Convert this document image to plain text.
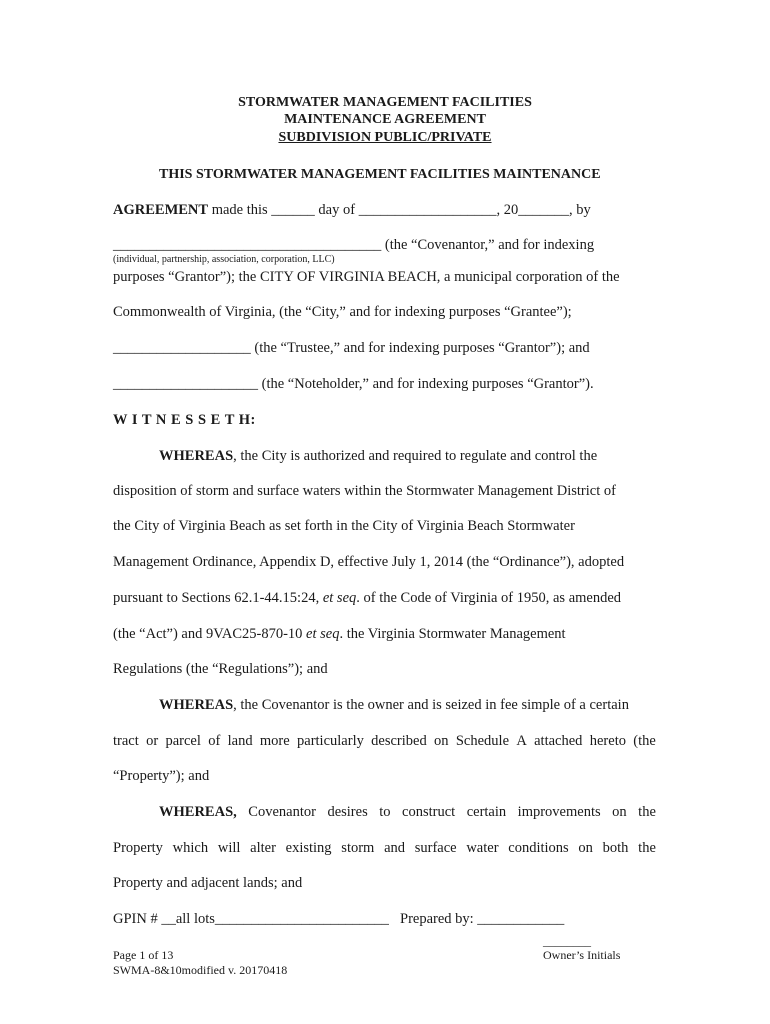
STORMWATER MANAGEMENT FACILITIES
MAINTENANCE AGREEMENT
SUBDIVISION PUBLIC/PRIVATE
THIS STORMWATER MANAGEMENT FACILITIES MAINTENANCE
AGREEMENT made this ______ day of ___________________, 20_______, by
_____________________________________ (the “Covenantor,” and for indexing
(individual, partnership, association, corporation, LLC)
purposes “Grantor”); the CITY OF VIRGINIA BEACH, a municipal corporation of the
Commonwealth of Virginia, (the “City,” and for indexing purposes “Grantee”);
___________________ (the “Trustee,” and for indexing purposes “Grantor”); and
____________________ (the “Noteholder,” and for indexing purposes “Grantor”).
W I T N E S S E T H:
WHEREAS, the City is authorized and required to regulate and control the
disposition of storm and surface waters within the Stormwater Management District of
the City of Virginia Beach as set forth in the City of Virginia Beach Stormwater
Management Ordinance, Appendix D, effective July 1, 2014 (the “Ordinance”), adopted
pursuant to Sections 62.1-44.15:24, et seq. of the Code of Virginia of 1950, as amended
(the “Act”) and 9VAC25-870-10 et seq. the Virginia Stormwater Management
Regulations (the “Regulations”); and
WHEREAS, the Covenantor is the owner and is seized in fee simple of a certain
tract or parcel of land more particularly described on Schedule A attached hereto (the
“Property”); and
WHEREAS, Covenantor desires to construct certain improvements on the
Property which will alter existing storm and surface water conditions on both the
Property and adjacent lands; and
GPIN # __all lots________________________ Prepared by: ____________
Page 1 of 13
SWMA-8&10modified v. 20170418
________
Owner’s Initials
